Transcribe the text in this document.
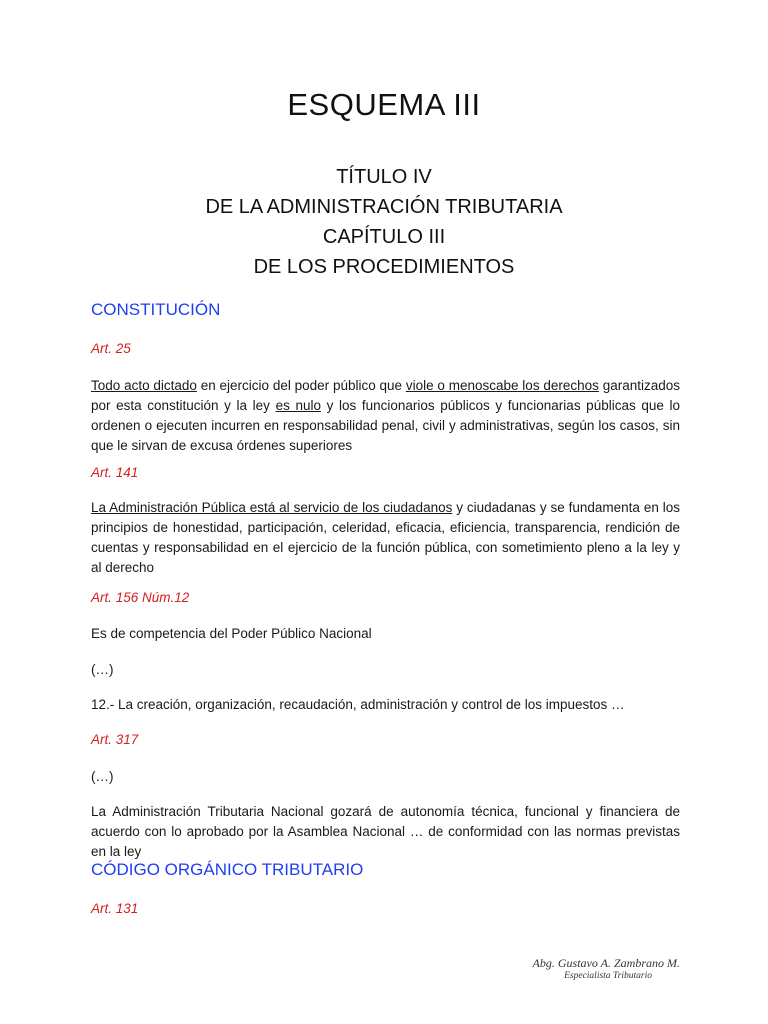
ESQUEMA III
TÍTULO IV
DE LA ADMINISTRACIÓN TRIBUTARIA
CAPÍTULO III
DE LOS PROCEDIMIENTOS
CONSTITUCIÓN
Art. 25
Todo acto dictado en ejercicio del poder público que viole o menoscabe los derechos garantizados por esta constitución y la ley es nulo y los funcionarios públicos y funcionarias públicas que lo ordenen o ejecuten incurren en responsabilidad penal, civil y administrativas, según los casos, sin que le sirvan de excusa órdenes superiores
Art. 141
La Administración Pública está al servicio de los ciudadanos y ciudadanas y se fundamenta en los principios de honestidad, participación, celeridad, eficacia, eficiencia, transparencia, rendición de cuentas y responsabilidad en el ejercicio de la función pública, con sometimiento pleno a la ley y al derecho
Art. 156 Núm.12
Es de competencia del Poder Público Nacional
(…)
12.- La creación, organización, recaudación, administración y control de los impuestos …
Art. 317
(…)
La Administración Tributaria Nacional gozará de autonomía técnica, funcional y financiera de acuerdo con lo aprobado por la Asamblea Nacional … de conformidad con las normas previstas en la ley
CÓDIGO ORGÁNICO TRIBUTARIO
Art. 131
Abg. Gustavo A. Zambrano M.
Especialista Tributario
